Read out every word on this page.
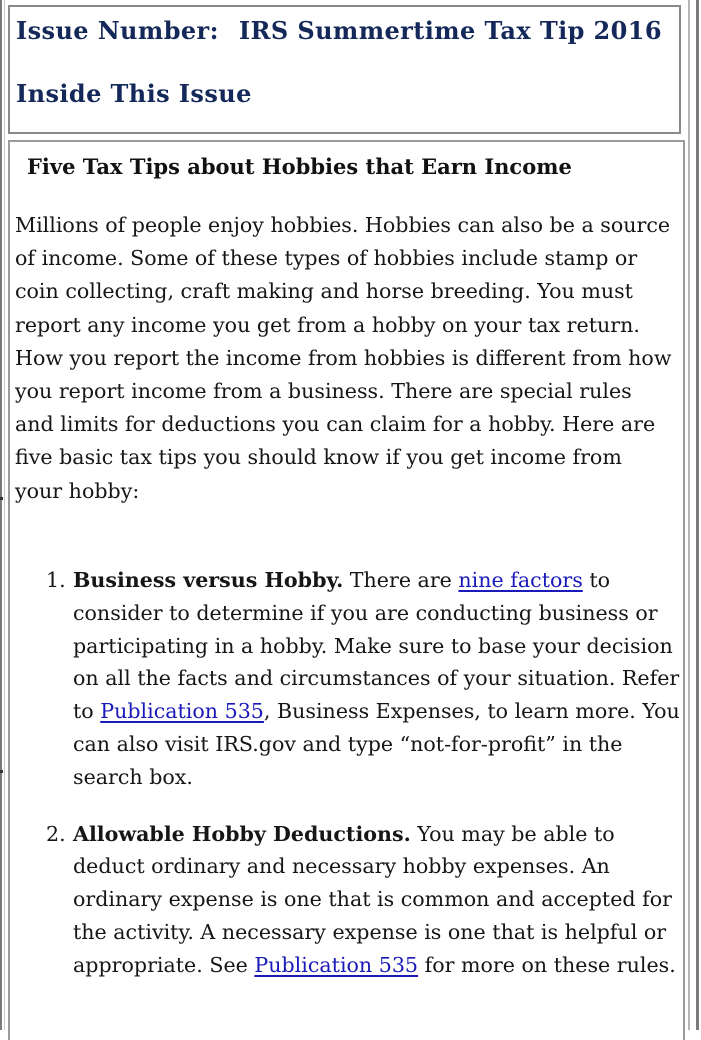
Issue Number: IRS Summertime Tax Tip 2016

Inside This Issue

Five Tax Tips about Hobbies that Earn Income

Millions of people enjoy hobbies. Hobbies can also be a source of income. Some of these types of hobbies include stamp or coin collecting, craft making and horse breeding. You must report any income you get from a hobby on your tax return. How you report the income from hobbies is different from how you report income from a business. There are special rules and limits for deductions you can claim for a hobby. Here are five basic tax tips you should know if you get income from your hobby:

1. Business versus Hobby. There are nine factors to consider to determine if you are conducting business or participating in a hobby. Make sure to base your decision on all the facts and circumstances of your situation. Refer to Publication 535, Business Expenses, to learn more. You can also visit IRS.gov and type “not-for-profit” in the search box.
2. Allowable Hobby Deductions. You may be able to deduct ordinary and necessary hobby expenses. An ordinary expense is one that is common and accepted for the activity. A necessary expense is one that is helpful or appropriate. See Publication 535 for more on these rules.
